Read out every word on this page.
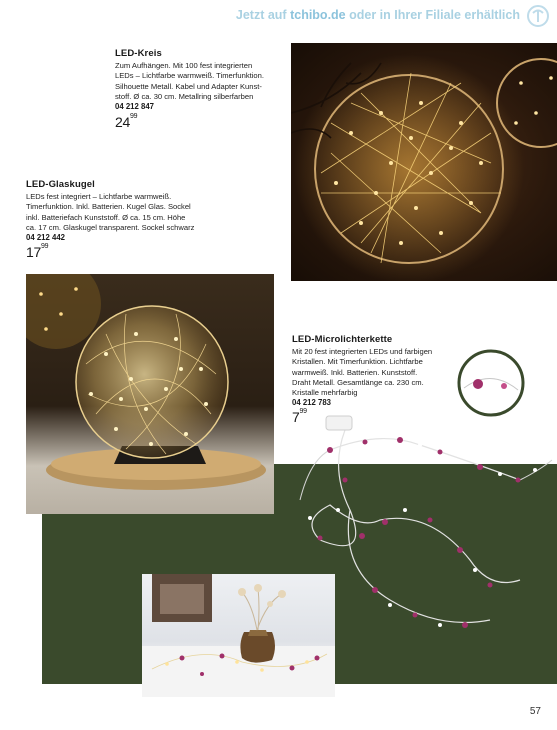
Jetzt auf tchibo.de oder in Ihrer Filiale erhältlich
LED-Kreis
Zum Aufhängen. Mit 100 fest integrierten
LEDs – Lichtfarbe warmweiß. Timerfunktion.
Silhouette Metall. Kabel und Adapter Kunst-
stoff. Ø ca. 30 cm. Metallring silberfarben
04 212 847
$24^{99}$
LED-Glaskugel
LEDs fest integriert – Lichtfarbe warmweiß.
Timerfunktion. Inkl. Batterien. Kugel Glas. Sockel
inkl. Batteriefach Kunststoff. Ø ca. 15 cm. Höhe
ca. 17 cm. Glaskugel transparent. Sockel schwarz
04 212 442
$17^{99}$
LED-Microlichterkette
Mit 20 fest integrierten LEDs und farbigen
Kristallen. Mit Timerfunktion. Lichtfarbe
warmweiß. Inkl. Batterien. Kunststoff.
Draht Metall. Gesamtlänge ca. 230 cm.
Kristalle mehrfarbig
04 212 783
$7^{99}$
57
